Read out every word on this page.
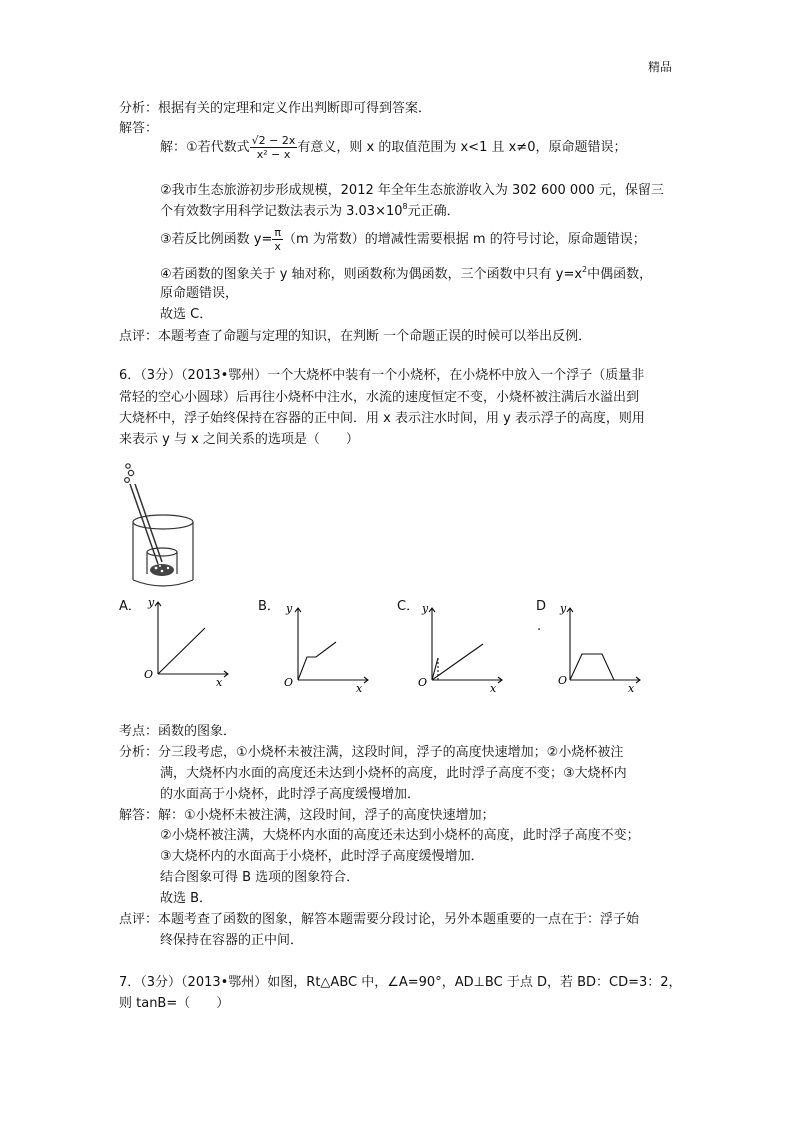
精品
分析：根据有关的定理和定义作出判断即可得到答案．
解答：
解：①若代数式 $\frac{√2 - 2x}{\text{x² − x}}$ 有意义，则 x 的取值范围为 x<1 且 x≠0，原命题错误；
②我市生态旅游初步形成规模，2012 年全年生态旅游收入为 302 600 000 元，保留三
个有效数字用科学记数法表示为 $3.03\times 10^8$元正确．
③若反比例函数 $y= \frac{\pi}{x} (m$ 为常数）的增减性需要根据 m 的符号讨论，原命题错误；
④若函数的图象关于 y 轴对称，则函数称为偶函数，三个函数中只有 $y=x^2$中偶函数，
原命题错误，
故选 C．
点评：本题考查了命题与定理的知识，在判断 一个命题正误的时候可以举出反例．
6．（3分）（2013•鄂州）一个大烧杯中装有一个小烧杯，在小烧杯中放入一个浮子（质量非
常轻的空心小圆球）后再往小烧杯中注水，水流的速度恒定不变，小烧杯被注满后水溢出到
大烧杯中，浮子始终保持在容器的正中间．用 x 表示注水时间，用 y 表示浮子的高度，则用
来表示 y 与 x 之间关系的选项是（　　）
A．
O
y
x
B．
O
y
x
C．
O
y
x
D
.
O
y
x
考点：函数的图象．
分析：分三段考虑，①小烧杯未被注满，这段时间，浮子的高度快速增加；②小烧杯被注
满，大烧杯内水面的高度还未达到小烧杯的高度，此时浮子高度不变；③大烧杯内
的水面高于小烧杯，此时浮子高度缓慢增加．
解答：解：①小烧杯未被注满，这段时间，浮子的高度快速增加；
②小烧杯被注满，大烧杯内水面的高度还未达到小烧杯的高度，此时浮子高度不变；
③大烧杯内的水面高于小烧杯，此时浮子高度缓慢增加．
结合图象可得 B 选项的图象符合．
故选 B．
点评：本题考查了函数的图象，解答本题需要分段讨论，另外本题重要的一点在于：浮子始
终保持在容器的正中间．
7．（3分）（2013•鄂州）如图，Rt△ABC 中，∠A=90°，AD⊥BC 于点 D，若 BD：CD=3：2，
则 tanB=（　　）
